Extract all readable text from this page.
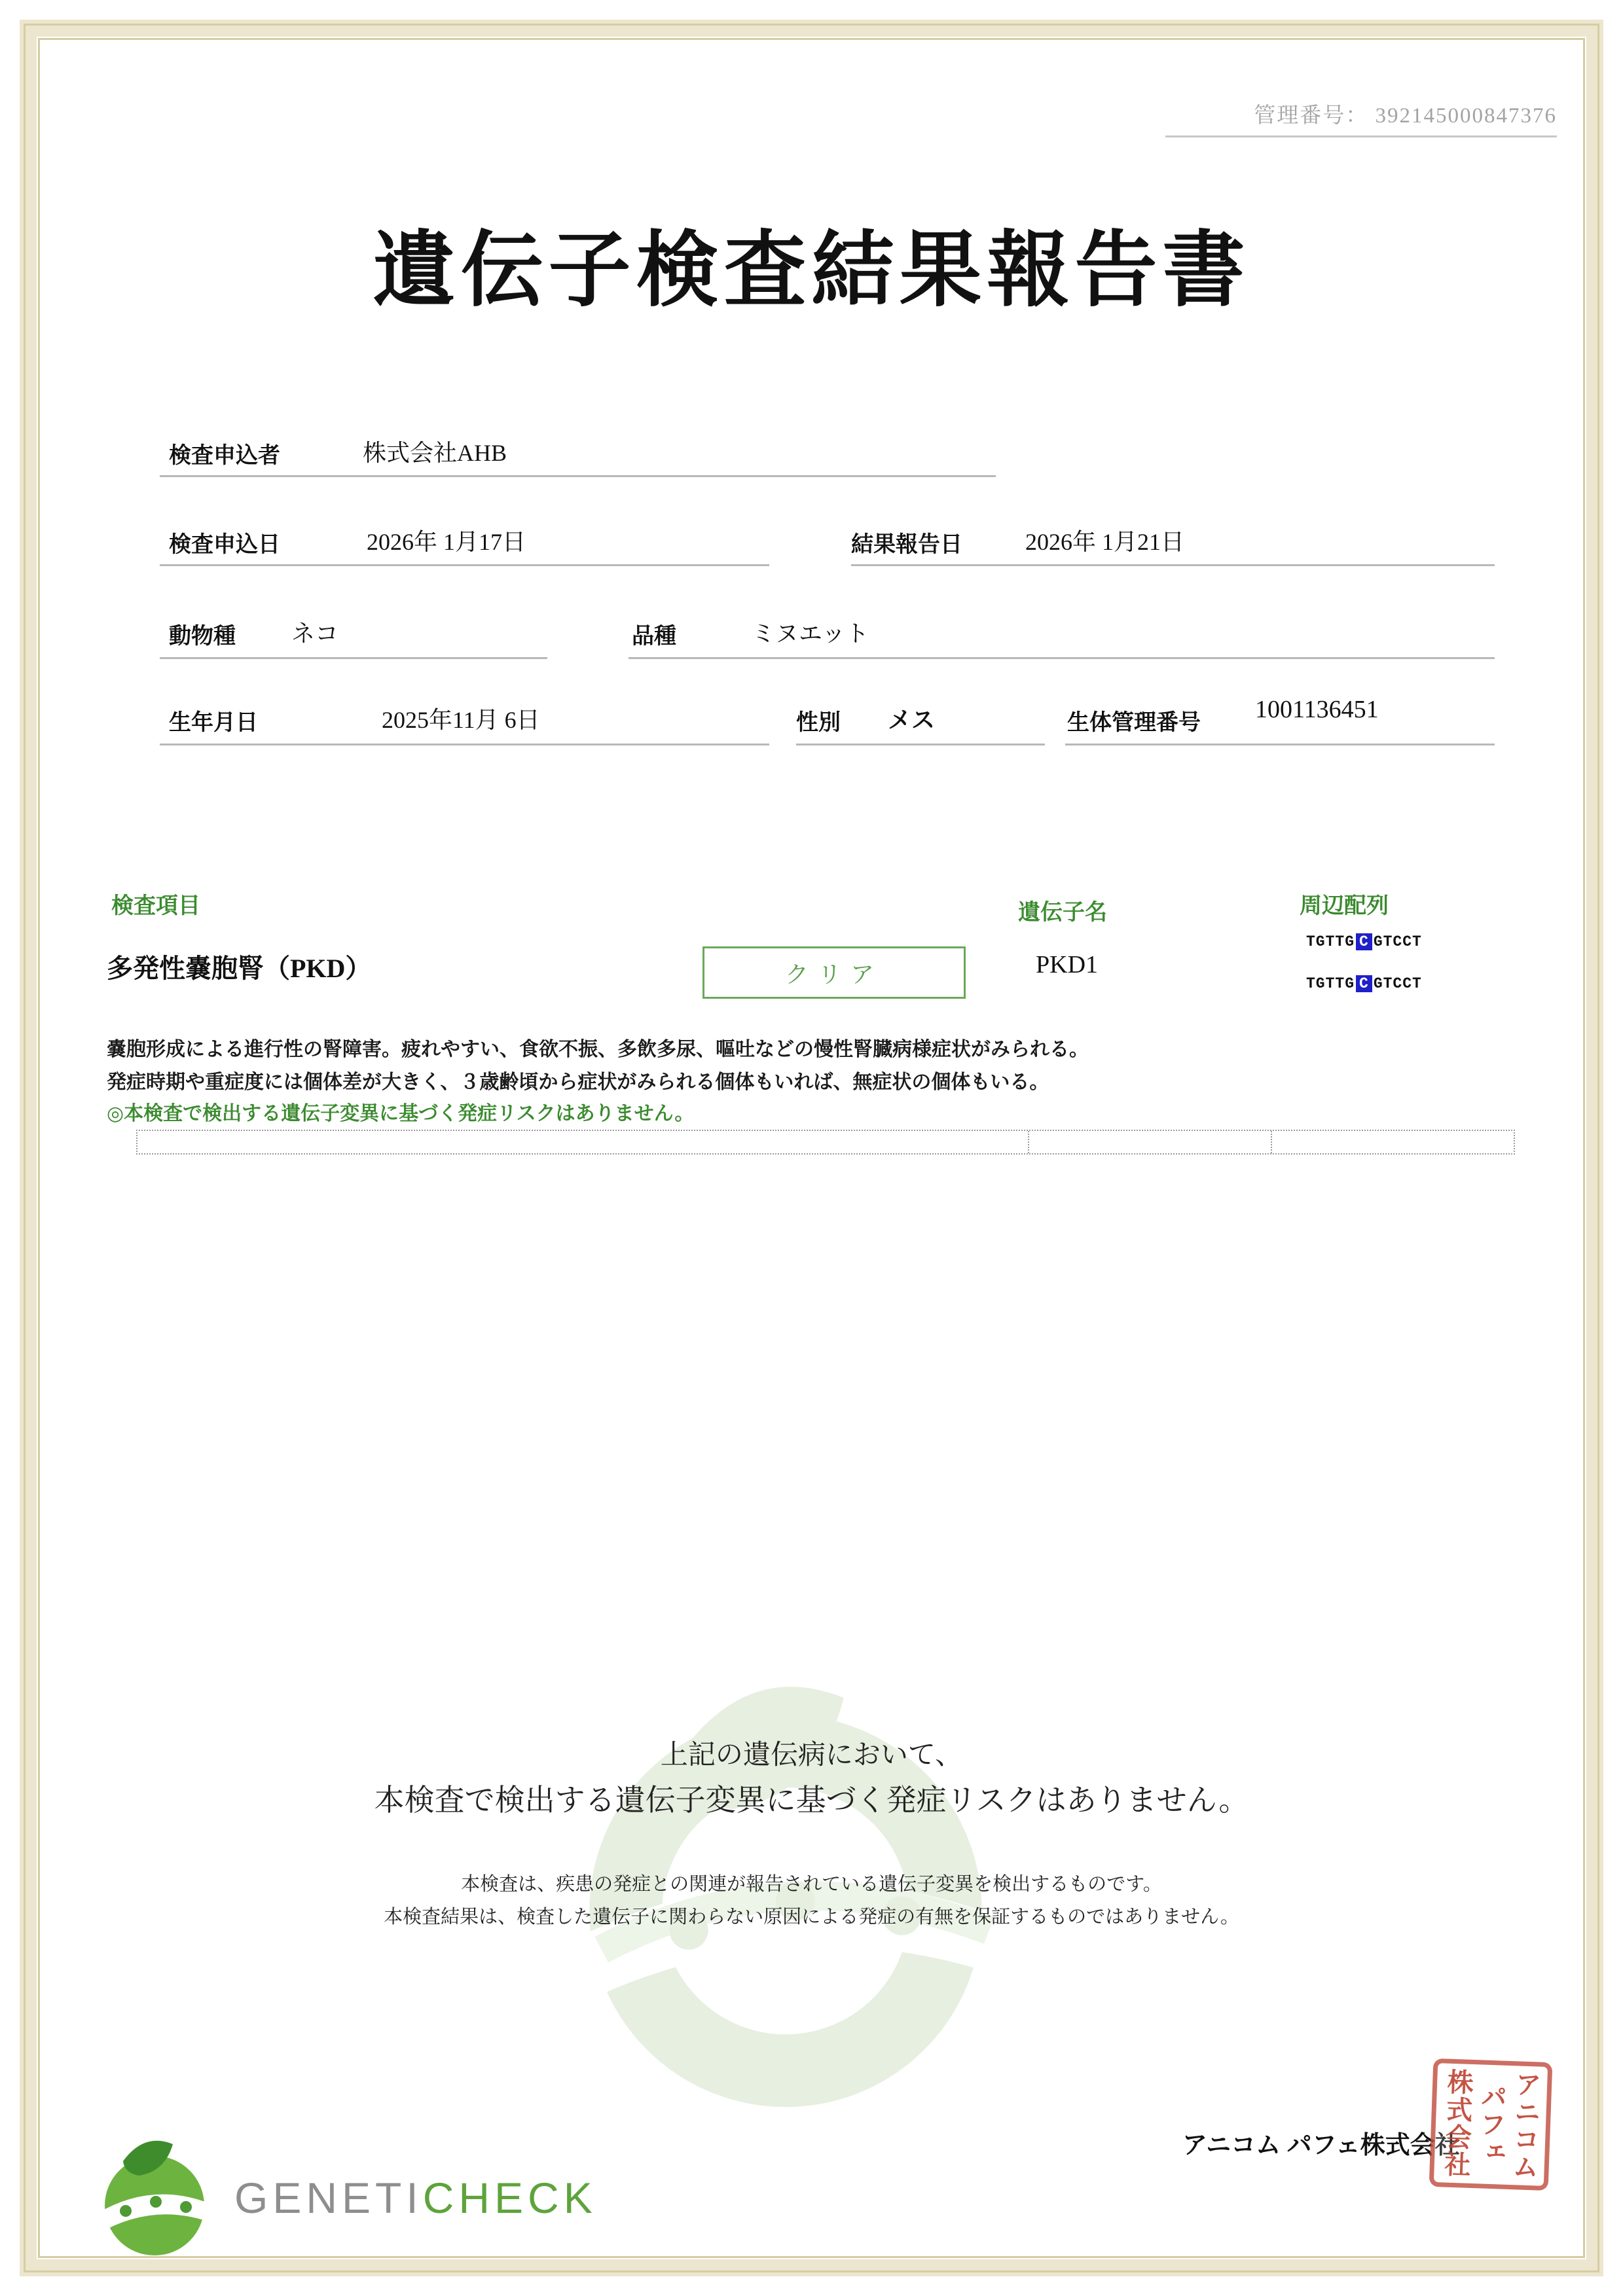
管理番号： 392145000847376
遺伝子検査結果報告書
検査申込者	株式会社AHB
検査申込日	2026年 1月17日	結果報告日	2026年 1月21日
動物種 ネコ	品種	ミヌエット
生年月日	2025年11月 6日	性別 メス	生体管理番号 1001136451
検査項目	遺伝子名	周辺配列
多発性嚢胞腎（PKD）	クリア	PKD1
TGTTG C GTCCT
TGTTG C GTCCT
嚢胞形成による進行性の腎障害。疲れやすい、食欲不振、多飲多尿、嘔吐などの慢性腎臓病様症状がみられる。
発症時期や重症度には個体差が大きく、３歳齢頃から症状がみられる個体もいれば、無症状の個体もいる。
◎本検査で検出する遺伝子変異に基づく発症リスクはありません。
上記の遺伝病において、
本検査で検出する遺伝子変異に基づく発症リスクはありません。
本検査は、疾患の発症との関連が報告されている遺伝子変異を検出するものです。
本検査結果は、検査した遺伝子に関わらない原因による発症の有無を保証するものではありません。
GENETICHECK
アニコム パフェ株式会社 アニコム
パフェ
株式会社
